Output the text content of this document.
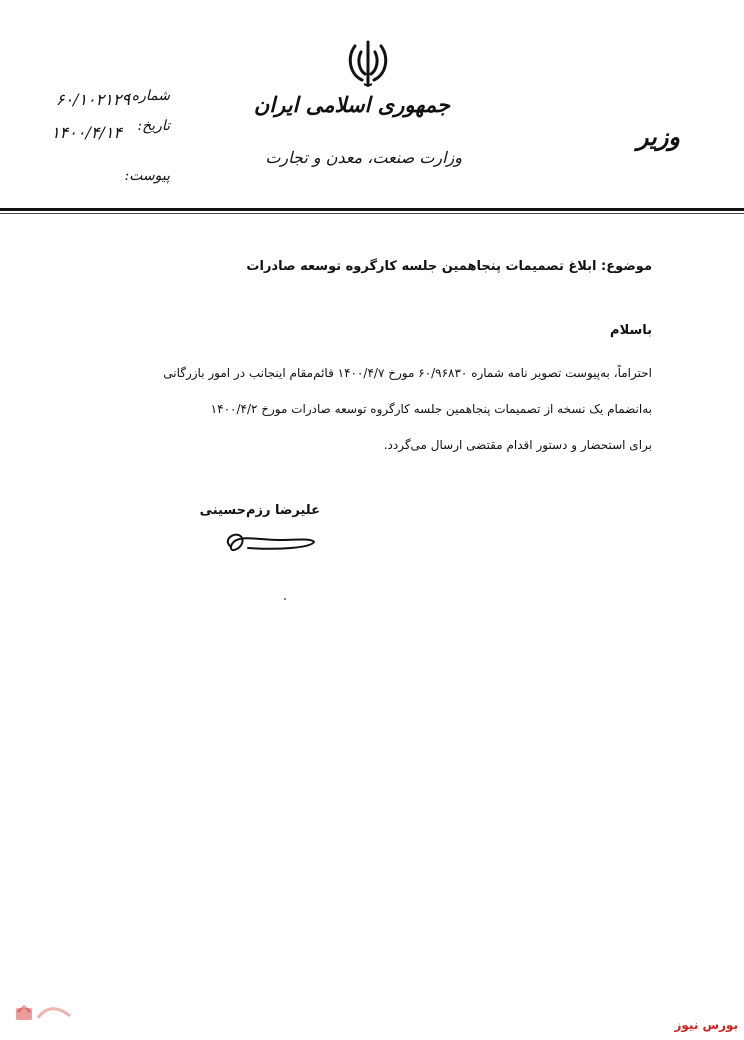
جمهوری اسلامی ایران
وزارت صنعت، معدن و تجارت
وزیر
شماره:
۶۰/۱۰۲۱۲۹
تاریخ:
۱۴۰۰/۴/۱۴
پیوست:
موضوع: ابلاغ تصمیمات پنجاهمین جلسه کارگروه توسعه صادرات
باسلام
احتراماً، به‌پیوست تصویر نامه شماره ۶۰/۹۶۸۳۰ مورخ ۱۴۰۰/۴/۷ قائم‌مقام اینجانب در امور بازرگانی
به‌انضمام یک نسخه از تصمیمات پنجاهمین جلسه کارگروه توسعه صادرات مورخ ۱۴۰۰/۴/۲
برای استحضار و دستور اقدام مقتضی ارسال می‌گردد.
علیرضا رزم‌حسینی
بورس نیوز
